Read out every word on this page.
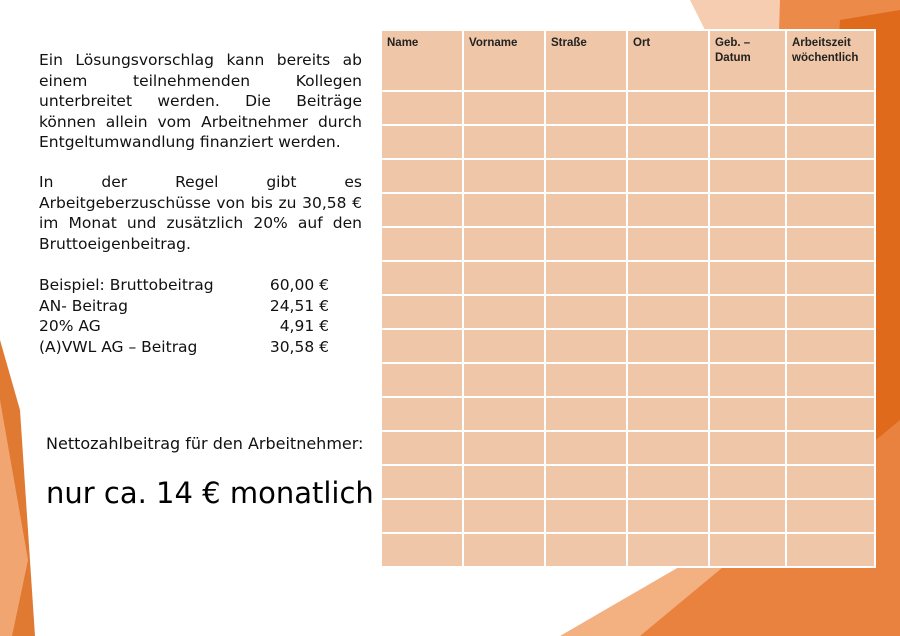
Ein Lösungsvorschlag kann bereits ab einem teilnehmenden Kollegen unterbreitet werden. Die Beiträge können allein vom Arbeitnehmer durch Entgeltumwandlung finanziert werden.

In der Regel gibt es Arbeitgeberzuschüsse von bis zu 30,58 € im Monat und zusätzlich 20% auf den Bruttoeigenbeitrag.

Beispiel: Bruttobeitrag	60,00 €
AN- Beitrag	24,51 €
20% AG	4,91 €
(A)VWL AG – Beitrag	30,58 €
Nettozahlbeitrag für den Arbeitnehmer:
nur ca. 14 € monatlich
Name	Vorname	Straße	Ort	Geb. – Datum	Arbeitszeit wöchentlich
